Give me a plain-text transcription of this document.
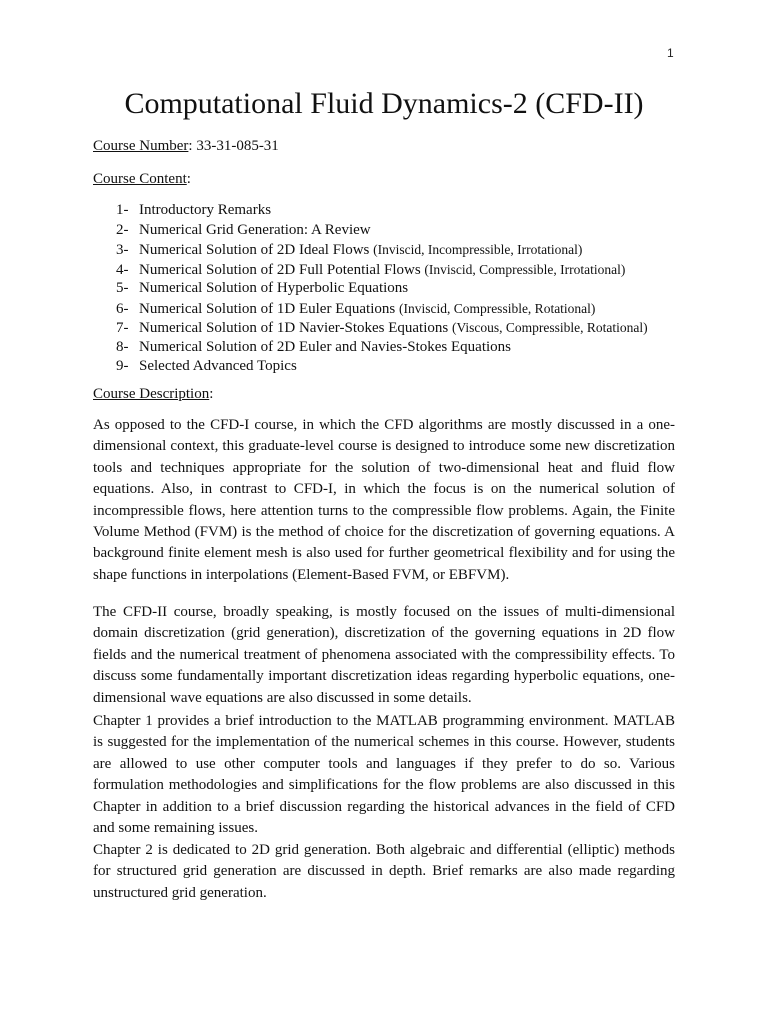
1
Computational Fluid Dynamics-2 (CFD-II)
Course Number: 33-31-085-31
Course Content:
1- Introductory Remarks
2- Numerical Grid Generation: A Review
3- Numerical Solution of 2D Ideal Flows (Inviscid, Incompressible, Irrotational)
4- Numerical Solution of 2D Full Potential Flows (Inviscid, Compressible, Irrotational)
5- Numerical Solution of Hyperbolic Equations
6- Numerical Solution of 1D Euler Equations (Inviscid, Compressible, Rotational)
7- Numerical Solution of 1D Navier-Stokes Equations (Viscous, Compressible, Rotational)
8- Numerical Solution of 2D Euler and Navies-Stokes Equations
9- Selected Advanced Topics
Course Description:

As opposed to the CFD-I course, in which the CFD algorithms are mostly discussed in a one-dimensional context, this graduate-level course is designed to introduce some new discretization tools and techniques appropriate for the solution of two-dimensional heat and fluid flow equations. Also, in contrast to CFD-I, in which the focus is on the numerical solution of incompressible flows, here attention turns to the compressible flow problems. Again, the Finite Volume Method (FVM) is the method of choice for the discretization of governing equations. A background finite element mesh is also used for further geometrical flexibility and for using the shape functions in interpolations (Element-Based FVM, or EBFVM).

The CFD-II course, broadly speaking, is mostly focused on the issues of multi-dimensional domain discretization (grid generation), discretization of the governing equations in 2D flow fields and the numerical treatment of phenomena associated with the compressibility effects. To discuss some fundamentally important discretization ideas regarding hyperbolic equations, one-dimensional wave equations are also discussed in some details.

Chapter 1 provides a brief introduction to the MATLAB programming environment. MATLAB is suggested for the implementation of the numerical schemes in this course. However, students are allowed to use other computer tools and languages if they prefer to do so. Various formulation methodologies and simplifications for the flow problems are also discussed in this Chapter in addition to a brief discussion regarding the historical advances in the field of CFD and some remaining issues.

Chapter 2 is dedicated to 2D grid generation. Both algebraic and differential (elliptic) methods for structured grid generation are discussed in depth. Brief remarks are also made regarding unstructured grid generation.
